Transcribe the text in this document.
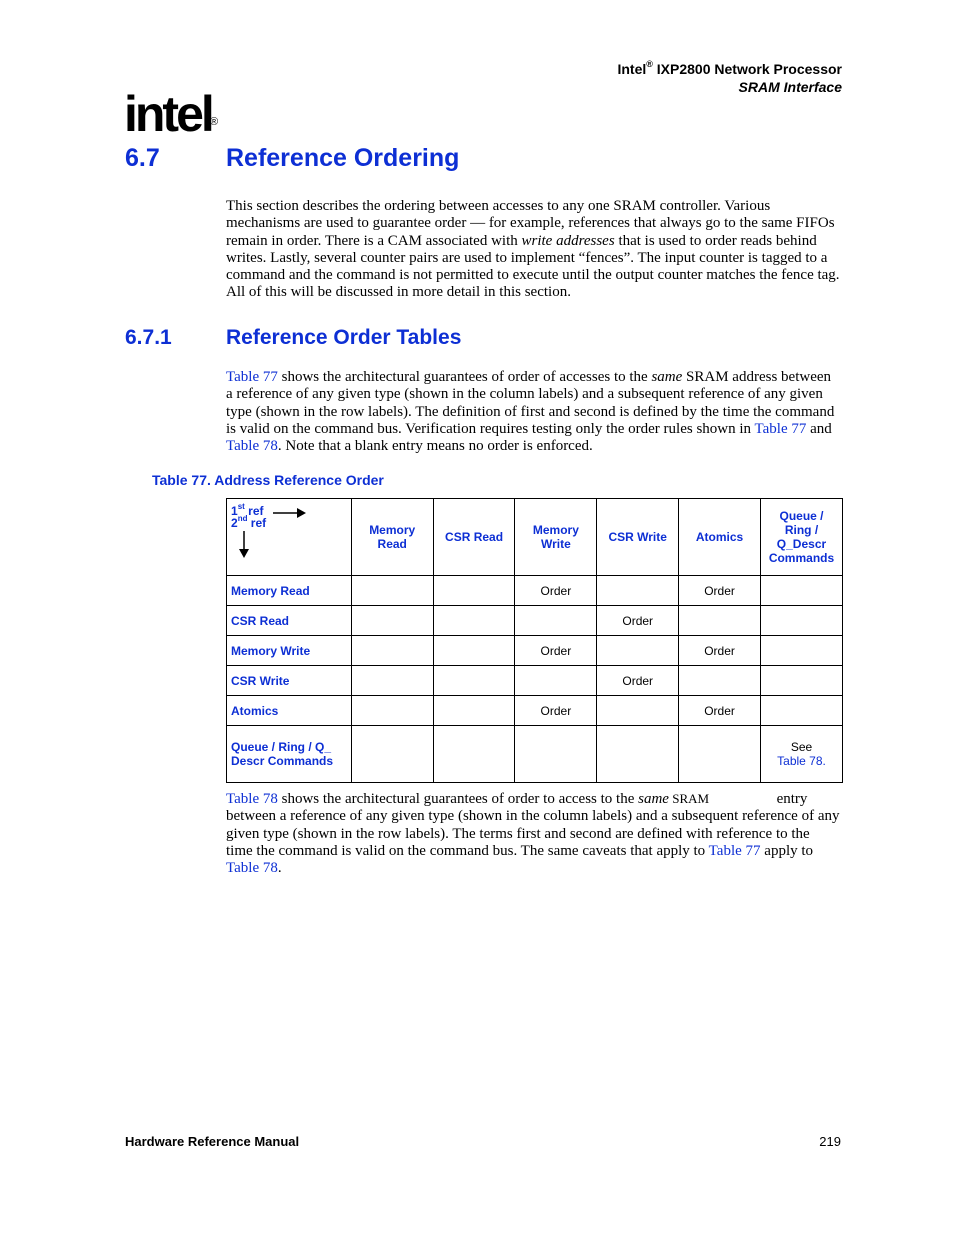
Intel® IXP2800 Network Processor
SRAM Interface
intel
®
6.7	Reference Ordering
This section describes the ordering between accesses to any one SRAM controller. Various mechanisms are used to guarantee order — for example, references that always go to the same FIFOs remain in order. There is a CAM associated with write addresses that is used to order reads behind writes. Lastly, several counter pairs are used to implement “fences”. The input counter is tagged to a command and the command is not permitted to execute until the output counter matches the fence tag. All of this will be discussed in more detail in this section.
6.7.1	Reference Order Tables
Table 77 shows the architectural guarantees of order of accesses to the same SRAM address between a reference of any given type (shown in the column labels) and a subsequent reference of any given type (shown in the row labels). The definition of first and second is defined by the time the command is valid on the command bus. Verification requires testing only the order rules shown in Table 77 and Table 78. Note that a blank entry means no order is enforced.
Table 77. Address Reference Order
1st ref
2nd ref	Memory Read	CSR Read	Memory Write	CSR Write	Atomics	Queue / Ring / Q_Descr Commands
Memory Read			Order		Order	
CSR Read				Order		
Memory Write			Order		Order	
CSR Write				Order		
Atomics			Order		Order	
Queue / Ring / Q_ Descr Commands						See
Table 78.
Table 78 shows the architectural guarantees of order to access to the same SRAM	entry between a reference of any given type (shown in the column labels) and a subsequent reference of any given type (shown in the row labels). The terms first and second are defined with reference to the time the command is valid on the command bus. The same caveats that apply to Table 77 apply to Table 78.
Hardware Reference Manual	219
